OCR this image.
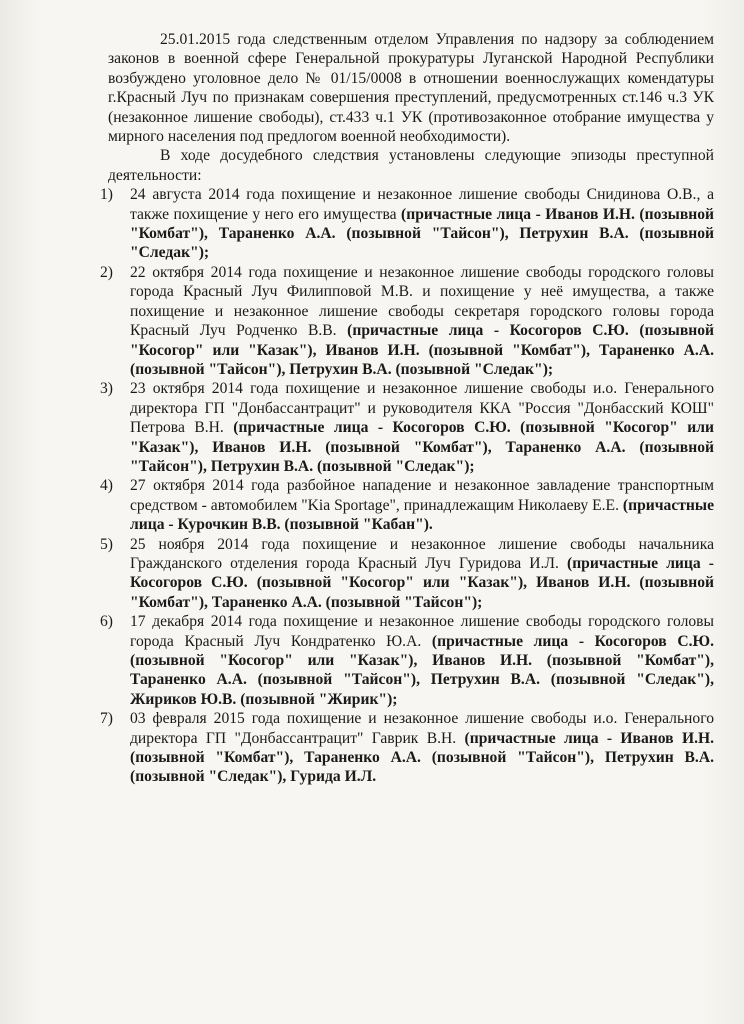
25.01.2015 года следственным отделом Управления по надзору за соблюдением законов в военной сфере Генеральной прокуратуры Луганской Народной Республики возбуждено уголовное дело № 01/15/0008 в отношении военнослужащих комендатуры г.Красный Луч по признакам совершения преступлений, предусмотренных ст.146 ч.3 УК (незаконное лишение свободы), ст.433 ч.1 УК (противозаконное отобрание имущества у мирного населения под предлогом военной необходимости).

В ходе досудебного следствия установлены следующие эпизоды преступной деятельности:

1) 24 августа 2014 года похищение и незаконное лишение свободы Снидинова О.В., а также похищение у него его имущества (причастные лица - Иванов И.Н. (позывной "Комбат"), Тараненко А.А. (позывной "Тайсон"), Петрухин В.А. (позывной "Следак");
2) 22 октября 2014 года похищение и незаконное лишение свободы городского головы города Красный Луч Филипповой М.В. и похищение у неё имущества, а также похищение и незаконное лишение свободы секретаря городского головы города Красный Луч Родченко В.В. (причастные лица - Косогоров С.Ю. (позывной "Косогор" или "Казак"), Иванов И.Н. (позывной "Комбат"), Тараненко А.А. (позывной "Тайсон"), Петрухин В.А. (позывной "Следак");
3) 23 октября 2014 года похищение и незаконное лишение свободы и.о. Генерального директора ГП "Донбассантрацит" и руководителя ККА "Россия "Донбасский КОШ" Петрова В.Н. (причастные лица - Косогоров С.Ю. (позывной "Косогор" или "Казак"), Иванов И.Н. (позывной "Комбат"), Тараненко А.А. (позывной "Тайсон"), Петрухин В.А. (позывной "Следак");
4) 27 октября 2014 года разбойное нападение и незаконное завладение транспортным средством - автомобилем "Kia Sportage", принадлежащим Николаеву Е.Е. (причастные лица - Курочкин В.В. (позывной "Кабан").
5) 25 ноября 2014 года похищение и незаконное лишение свободы начальника Гражданского отделения города Красный Луч Гуридова И.Л. (причастные лица - Косогоров С.Ю. (позывной "Косогор" или "Казак"), Иванов И.Н. (позывной "Комбат"), Тараненко А.А. (позывной "Тайсон");
6) 17 декабря 2014 года похищение и незаконное лишение свободы городского головы города Красный Луч Кондратенко Ю.А. (причастные лица - Косогоров С.Ю. (позывной "Косогор" или "Казак"), Иванов И.Н. (позывной "Комбат"), Тараненко А.А. (позывной "Тайсон"), Петрухин В.А. (позывной "Следак"), Жириков Ю.В. (позывной "Жирик");
7) 03 февраля 2015 года похищение и незаконное лишение свободы и.о. Генерального директора ГП "Донбассантрацит" Гаврик В.Н. (причастные лица - Иванов И.Н. (позывной "Комбат"), Тараненко А.А. (позывной "Тайсон"), Петрухин В.А. (позывной "Следак"), Гурида И.Л.
